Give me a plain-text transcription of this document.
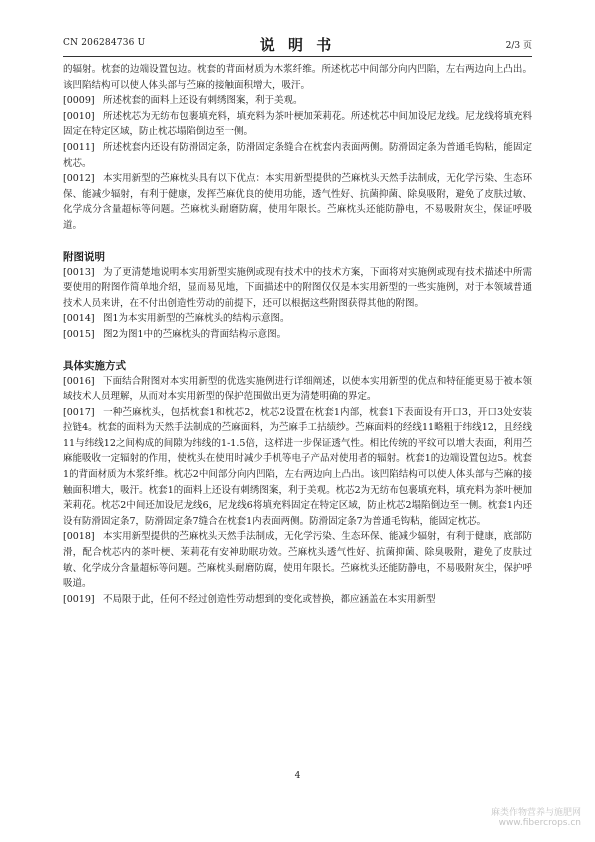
CN 206284736 U	说 明 书	2/3 页

的辐射。枕套的边端设置包边。枕套的背面材质为木浆纤维。所述枕芯中间部分向内凹陷，左右两边向上凸出。该凹陷结构可以使人体头部与苎麻的接触面积增大，吸汗。

[0009] 所述枕套的面料上还设有刺绣图案，利于美观。

[0010] 所述枕芯为无纺布包裹填充料，填充料为茶叶梗加茉莉花。所述枕芯中间加设尼龙线。尼龙线将填充料固定在特定区域，防止枕芯塌陷倒边至一侧。

[0011] 所述枕套内还设有防滑固定条，防滑固定条缝合在枕套内表面两侧。防滑固定条为普通毛钩粘，能固定枕芯。

[0012] 本实用新型的苎麻枕头具有以下优点：本实用新型提供的苎麻枕头天然手法制成，无化学污染、生态环保、能减少辐射，有利于健康，发挥苎麻优良的使用功能，透气性好、抗菌抑菌、除臭吸附，避免了皮肤过敏、化学成分含量超标等问题。苎麻枕头耐磨防腐，使用年限长。苎麻枕头还能防静电，不易吸附灰尘，保证呼吸道。

附图说明

[0013] 为了更清楚地说明本实用新型实施例或现有技术中的技术方案，下面将对实施例或现有技术描述中所需要使用的附图作简单地介绍，显而易见地，下面描述中的附图仅仅是本实用新型的一些实施例，对于本领域普通技术人员来讲，在不付出创造性劳动的前提下，还可以根据这些附图获得其他的附图。

[0014] 图1为本实用新型的苎麻枕头的结构示意图。

[0015] 图2为图1中的苎麻枕头的背面结构示意图。

具体实施方式

[0016] 下面结合附图对本实用新型的优选实施例进行详细阐述，以使本实用新型的优点和特征能更易于被本领域技术人员理解，从而对本实用新型的保护范围做出更为清楚明确的界定。

[0017] 一种苎麻枕头，包括枕套1和枕芯2，枕芯2设置在枕套1内部，枕套1下表面设有开口3，开口3处安装拉链4。枕套的面料为天然手法制成的苎麻面料，为苎麻手工拈绩纱。苎麻面料的经线11略粗于纬线12，且经线11与纬线12之间构成的间隙为纬线的1-1.5倍，这样进一步保证透气性。相比传统的平纹可以增大表面，利用苎麻能吸收一定辐射的作用，使枕头在使用时减少手机等电子产品对使用者的辐射。枕套1的边端设置包边5。枕套1的背面材质为木浆纤维。枕芯2中间部分向内凹陷，左右两边向上凸出。该凹陷结构可以使人体头部与苎麻的接触面积增大，吸汗。枕套1的面料上还设有刺绣图案，利于美观。枕芯2为无纺布包裹填充料，填充料为茶叶梗加茉莉花。枕芯2中间还加设尼龙线6，尼龙线6将填充料固定在特定区域，防止枕芯2塌陷倒边至一侧。枕套1内还设有防滑固定条7，防滑固定条7缝合在枕套1内表面两侧。防滑固定条7为普通毛钩粘，能固定枕芯。

[0018] 本实用新型提供的苎麻枕头天然手法制成，无化学污染、生态环保、能减少辐射，有利于健康，底部防滑，配合枕芯内的茶叶梗、茉莉花有安神助眠功效。苎麻枕头透气性好、抗菌抑菌、除臭吸附，避免了皮肤过敏、化学成分含量超标等问题。苎麻枕头耐磨防腐，使用年限长。苎麻枕头还能防静电，不易吸附灰尘，保护呼吸道。

[0019] 不局限于此，任何不经过创造性劳动想到的变化或替换，都应涵盖在本实用新型

4
麻类作物营养与施肥网
www.fibercrops.cn
